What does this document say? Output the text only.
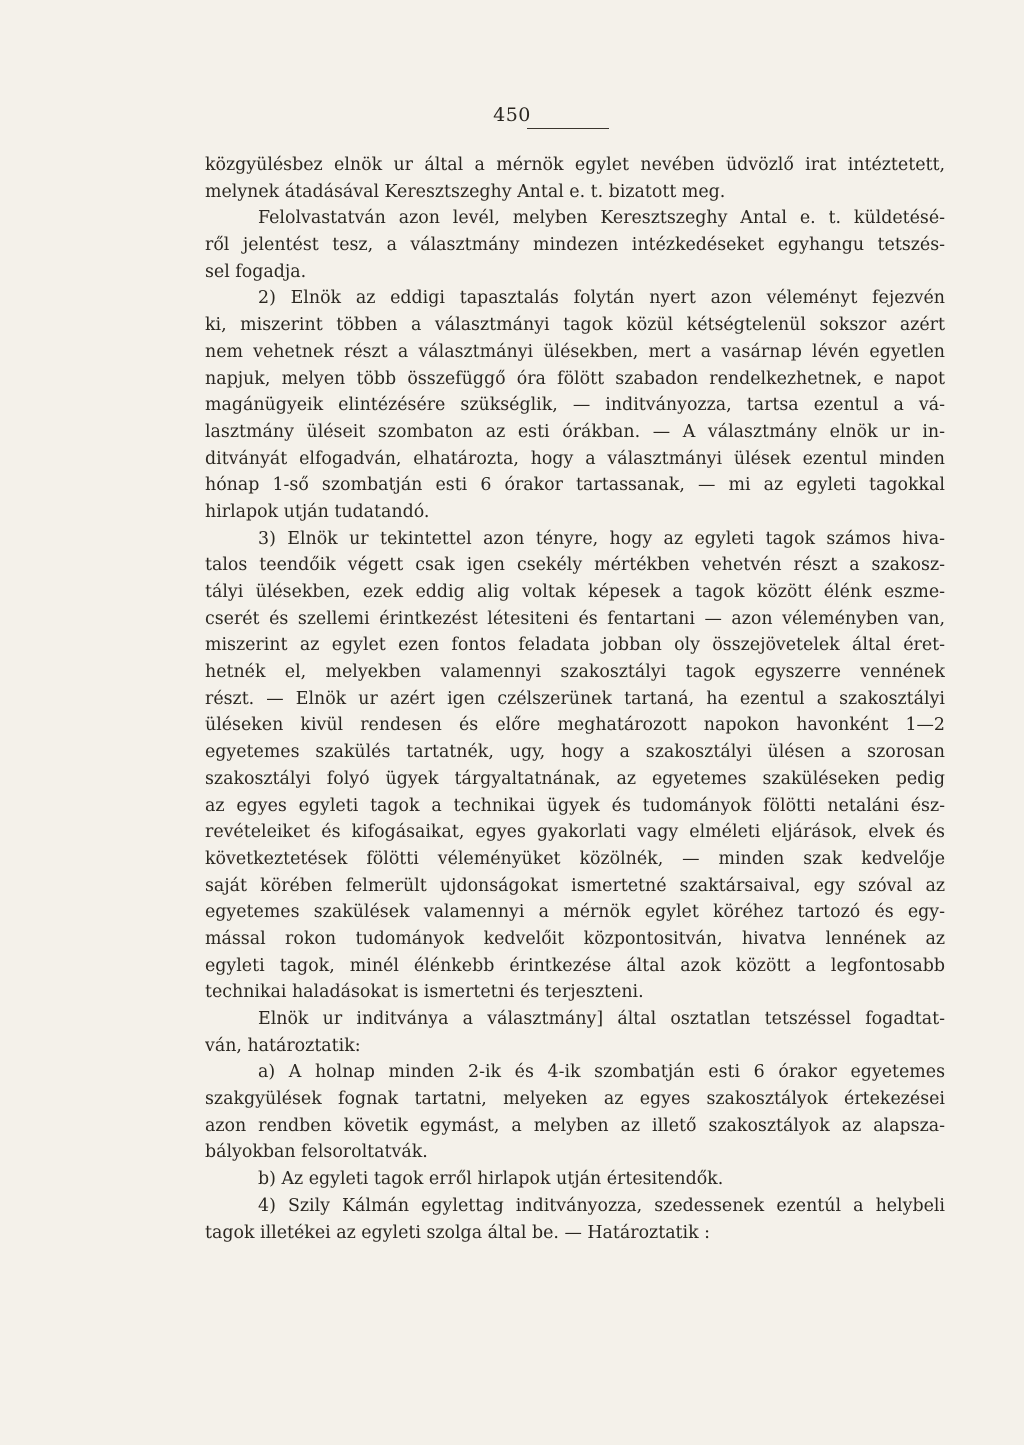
450
közgyülésbez elnök ur által a mérnök egylet nevében üdvözlő irat intéztetett,
melynek átadásával Keresztszeghy Antal e. t. bizatott meg.
Felolvastatván azon levél, melyben Keresztszeghy Antal e. t. küldetésé-
ről jelentést tesz, a választmány mindezen intézkedéseket egyhangu tetszés-
sel fogadja.
2) Elnök az eddigi tapasztalás folytán nyert azon véleményt fejezvén
ki, miszerint többen a választmányi tagok közül kétségtelenül sokszor azért
nem vehetnek részt a választmányi ülésekben, mert a vasárnap lévén egyetlen
napjuk, melyen több összefüggő óra fölött szabadon rendelkezhetnek, e napot
magánügyeik elintézésére szükséglik, — inditványozza, tartsa ezentul a vá-
lasztmány üléseit szombaton az esti órákban. — A választmány elnök ur in-
ditványát elfogadván, elhatározta, hogy a választmányi ülések ezentul minden
hónap 1-ső szombatján esti 6 órakor tartassanak, — mi az egyleti tagokkal
hirlapok utján tudatandó.
3) Elnök ur tekintettel azon tényre, hogy az egyleti tagok számos hiva-
talos teendőik végett csak igen csekély mértékben vehetvén részt a szakosz-
tályi ülésekben, ezek eddig alig voltak képesek a tagok között élénk eszme-
cserét és szellemi érintkezést létesiteni és fentartani — azon véleményben van,
miszerint az egylet ezen fontos feladata jobban oly összejövetelek által éret-
hetnék el, melyekben valamennyi szakosztályi tagok egyszerre vennének
részt. — Elnök ur azért igen czélszerünek tartaná, ha ezentul a szakosztályi
üléseken kivül rendesen és előre meghatározott napokon havonként 1—2
egyetemes szakülés tartatnék, ugy, hogy a szakosztályi ülésen a szorosan
szakosztályi folyó ügyek tárgyaltatnának, az egyetemes szaküléseken pedig
az egyes egyleti tagok a technikai ügyek és tudományok fölötti netaláni ész-
revételeiket és kifogásaikat, egyes gyakorlati vagy elméleti eljárások, elvek és
következtetések fölötti véleményüket közölnék, — minden szak kedvelője
saját körében felmerült ujdonságokat ismertetné szaktársaival, egy szóval az
egyetemes szakülések valamennyi a mérnök egylet köréhez tartozó és egy-
mással rokon tudományok kedvelőit központositván, hivatva lennének az
egyleti tagok, minél élénkebb érintkezése által azok között a legfontosabb
technikai haladásokat is ismertetni és terjeszteni.
Elnök ur inditványa a választmány] által osztatlan tetszéssel fogadtat-
ván, határoztatik:
a) A holnap minden 2-ik és 4-ik szombatján esti 6 órakor egyetemes
szakgyülések fognak tartatni, melyeken az egyes szakosztályok értekezései
azon rendben követik egymást, a melyben az illető szakosztályok az alapsza-
bályokban felsoroltatvák.
b) Az egyleti tagok erről hirlapok utján értesitendők.
4) Szily Kálmán egylettag inditványozza, szedessenek ezentúl a helybeli
tagok illetékei az egyleti szolga által be. — Határoztatik :
